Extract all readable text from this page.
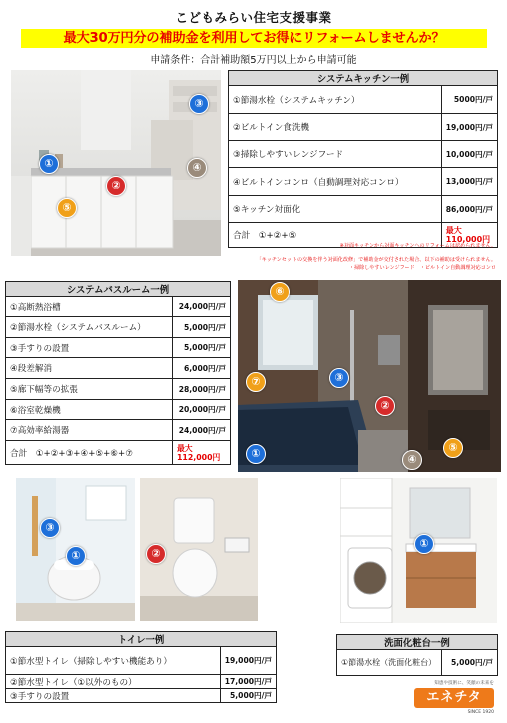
こどもみらい住宅支援事業
最大30万円分の補助金を利用してお得にリフォームしませんか？
申請条件：合計補助額5万円以上から申請可能
①
②
③
④
⑤
システムキッチン一例	
①節湯水栓（システムキッチン）	5000円/戸
②ビルトイン食洗機	19,000円/戸
③掃除しやすいレンジフード	10,000円/戸
④ビルトインコンロ（自動調理対応コンロ）	13,000円/戸
⑤キッチン対面化	86,000円/戸
合計　①+②+⑤	最大
110,000円
※対面キッチンから対面キッチンへのリフォームは認められません。
「キッチンセットの交換を伴う対面化改修」で補助金が交付された場合、以下の補助は受けられません。
・掃除しやすいレンジフード　・ビルトイン自動調理対応コンロ
システムバスルーム一例	
①高断熱浴槽	24,000円/戸
②節湯水栓（システムバスルーム）	5,000円/戸
③手すりの設置	5,000円/戸
④段差解消	6,000円/戸
⑤廊下幅等の拡張	28,000円/戸
⑥浴室乾燥機	20,000円/戸
⑦高効率給湯器	24,000円/戸
合計　①+②+③+④+⑤+⑥+⑦	最大
112,000円
⑥
⑦	③
②
①	④
⑤
③
①	②
①
トイレ一例	
①節水型トイレ（掃除しやすい機能あり）	19,000円/戸
②節水型トイレ（①以外のもの）	17,000円/戸
③手すりの設置	5,000円/戸
洗面化粧台一例
①節湯水栓（洗面化粧台）	5,000円/戸
知恵や技術に、笑顔の未来を
エネチタ
SINCE 1920
